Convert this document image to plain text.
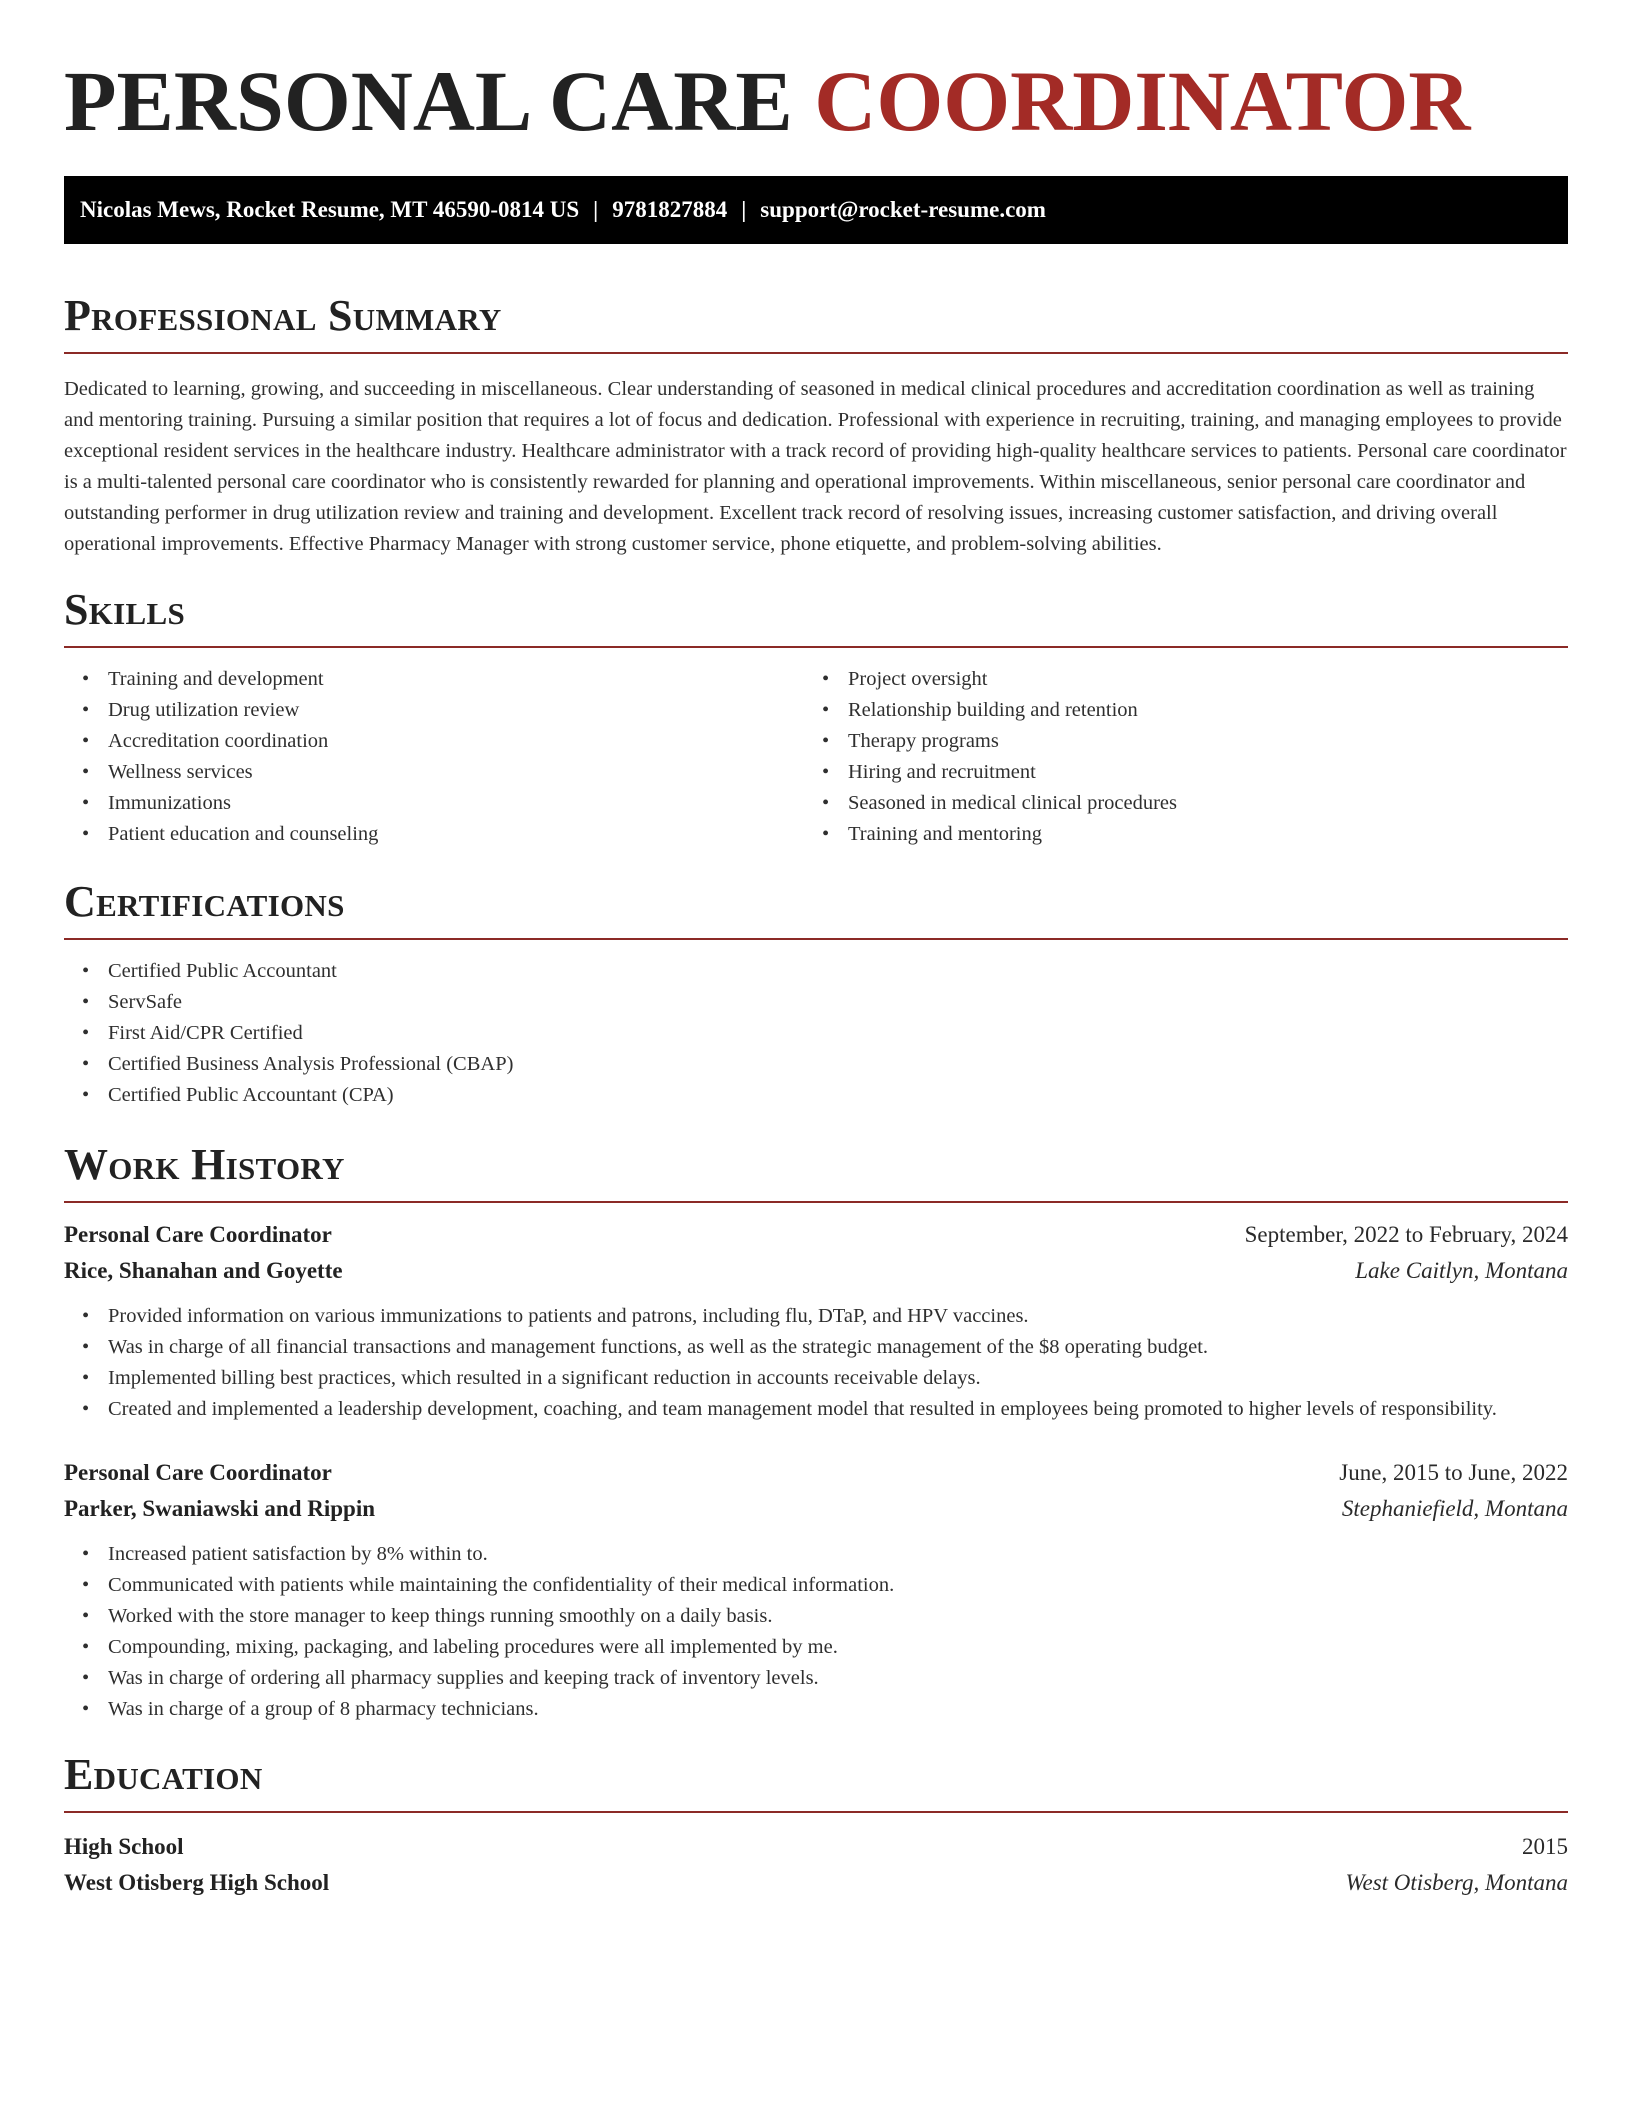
PERSONAL CARE COORDINATOR
Nicolas Mews, Rocket Resume, MT 46590-0814 US | 9781827884 | support@rocket-resume.com
Professional Summary

Dedicated to learning, growing, and succeeding in miscellaneous. Clear understanding of seasoned in medical clinical procedures and accreditation coordination as well as training and mentoring training. Pursuing a similar position that requires a lot of focus and dedication. Professional with experience in recruiting, training, and managing employees to provide exceptional resident services in the healthcare industry. Healthcare administrator with a track record of providing high-quality healthcare services to patients. Personal care coordinator is a multi-talented personal care coordinator who is consistently rewarded for planning and operational improvements. Within miscellaneous, senior personal care coordinator and outstanding performer in drug utilization review and training and development. Excellent track record of resolving issues, increasing customer satisfaction, and driving overall operational improvements. Effective Pharmacy Manager with strong customer service, phone etiquette, and problem-solving abilities.

Skills
• Training and development
• Drug utilization review
• Accreditation coordination
• Wellness services
• Immunizations
• Patient education and counseling
• Project oversight
• Relationship building and retention
• Therapy programs
• Hiring and recruitment
• Seasoned in medical clinical procedures
• Training and mentoring
Certifications
• Certified Public Accountant
• ServSafe
• First Aid/CPR Certified
• Certified Business Analysis Professional (CBAP)
• Certified Public Accountant (CPA)
Work History
Personal Care Coordinator	September, 2022 to February, 2024
Rice, Shanahan and Goyette	Lake Caitlyn, Montana
• Provided information on various immunizations to patients and patrons, including flu, DTaP, and HPV vaccines.
• Was in charge of all financial transactions and management functions, as well as the strategic management of the $8 operating budget.
• Implemented billing best practices, which resulted in a significant reduction in accounts receivable delays.
• Created and implemented a leadership development, coaching, and team management model that resulted in employees being promoted to higher levels of responsibility.
Personal Care Coordinator	June, 2015 to June, 2022
Parker, Swaniawski and Rippin	Stephaniefield, Montana
• Increased patient satisfaction by 8% within to.
• Communicated with patients while maintaining the confidentiality of their medical information.
• Worked with the store manager to keep things running smoothly on a daily basis.
• Compounding, mixing, packaging, and labeling procedures were all implemented by me.
• Was in charge of ordering all pharmacy supplies and keeping track of inventory levels.
• Was in charge of a group of 8 pharmacy technicians.
Education
High School	2015
West Otisberg High School	West Otisberg, Montana
